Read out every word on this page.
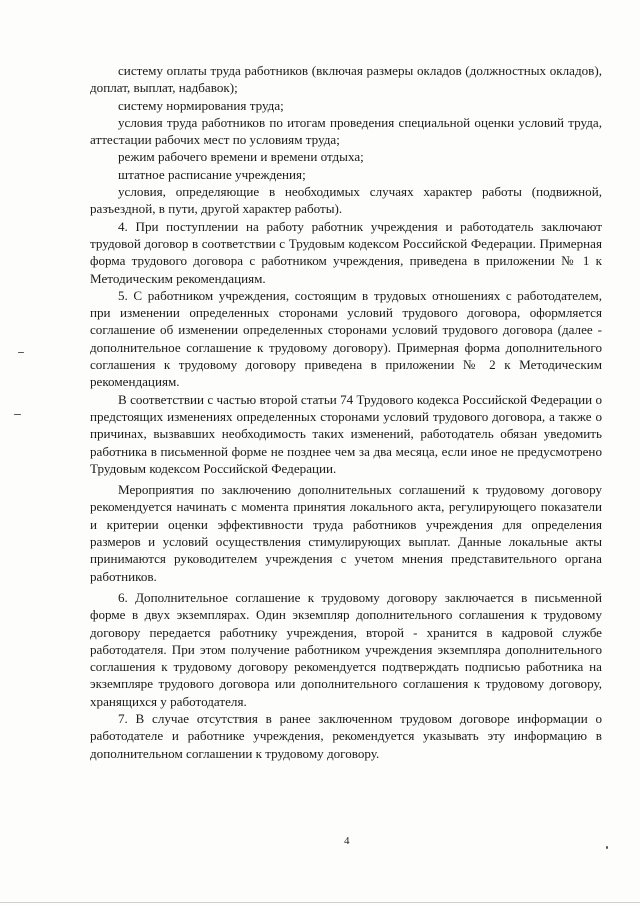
систему оплаты труда работников (включая размеры окладов (должностных окладов), доплат, выплат, надбавок);

систему нормирования труда;

условия труда работников по итогам проведения специальной оценки условий труда, аттестации рабочих мест по условиям труда;

режим рабочего времени и времени отдыха;

штатное расписание учреждения;

условия, определяющие в необходимых случаях характер работы (подвижной, разъездной, в пути, другой характер работы).

4. При поступлении на работу работник учреждения и работодатель заключают трудовой договор в соответствии с Трудовым кодексом Российской Федерации. Примерная форма трудового договора с работником учреждения, приведена в приложении № 1 к Методическим рекомендациям.

5. С работником учреждения, состоящим в трудовых отношениях с работодателем, при изменении определенных сторонами условий трудового договора, оформляется соглашение об изменении определенных сторонами условий трудового договора (далее - дополнительное соглашение к трудовому договору). Примерная форма дополнительного соглашения к трудовому договору приведена в приложении № 2 к Методическим рекомендациям.

В соответствии с частью второй статьи 74 Трудового кодекса Российской Федерации о предстоящих изменениях определенных сторонами условий трудового договора, а также о причинах, вызвавших необходимость таких изменений, работодатель обязан уведомить работника в письменной форме не позднее чем за два месяца, если иное не предусмотрено Трудовым кодексом Российской Федерации.

Мероприятия по заключению дополнительных соглашений к трудовому договору рекомендуется начинать с момента принятия локального акта, регулирующего показатели и критерии оценки эффективности труда работников учреждения для определения размеров и условий осуществления стимулирующих выплат. Данные локальные акты принимаются руководителем учреждения с учетом мнения представительного органа работников.

6. Дополнительное соглашение к трудовому договору заключается в письменной форме в двух экземплярах. Один экземпляр дополнительного соглашения к трудовому договору передается работнику учреждения, второй - хранится в кадровой службе работодателя. При этом получение работником учреждения экземпляра дополнительного соглашения к трудовому договору рекомендуется подтверждать подписью работника на экземпляре трудового договора или дополнительного соглашения к трудовому договору, хранящихся у работодателя.

7. В случае отсутствия в ранее заключенном трудовом договоре информации о работодателе и работнике учреждения, рекомендуется указывать эту информацию в дополнительном соглашении к трудовому договору.

4
